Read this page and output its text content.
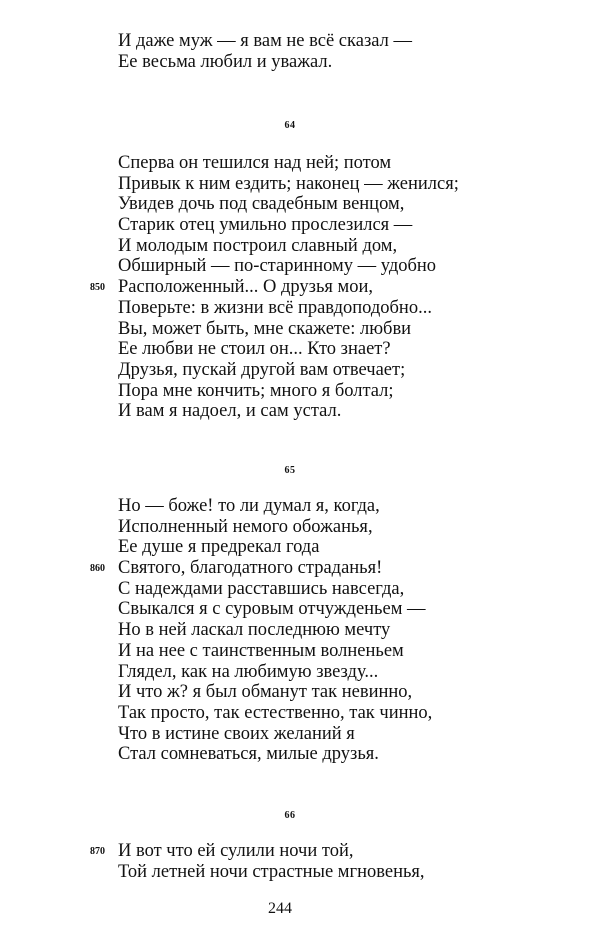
И даже муж — я вам не всё сказал —
Ее весьма любил и уважал.
64
Сперва он тешился над ней; потом
Привык к ним ездить; наконец — женился;
Увидев дочь под свадебным венцом,
Старик отец умильно прослезился —
И молодым построил славный дом,
Обширный — по-старинному — удобно
850 Расположенный... О друзья мои,
Поверьте: в жизни всё правдоподобно...
Вы, может быть, мне скажете: любви
Ее любви не стоил он... Кто знает?
Друзья, пускай другой вам отвечает;
Пора мне кончить; много я болтал;
И вам я надоел, и сам устал.
65
Но — боже! то ли думал я, когда,
Исполненный немого обожанья,
Ее душе я предрекал года
860 Святого, благодатного страданья!
С надеждами расставшись навсегда,
Свыкался я с суровым отчужденьем —
Но в ней ласкал последнюю мечту
И на нее с таинственным волненьем
Глядел, как на любимую звезду...
И что ж? я был обманут так невинно,
Так просто, так естественно, так чинно,
Что в истине своих желаний я
Стал сомневаться, милые друзья.
66
870 И вот что ей сулили ночи той,
Той летней ночи страстные мгновенья,
244
